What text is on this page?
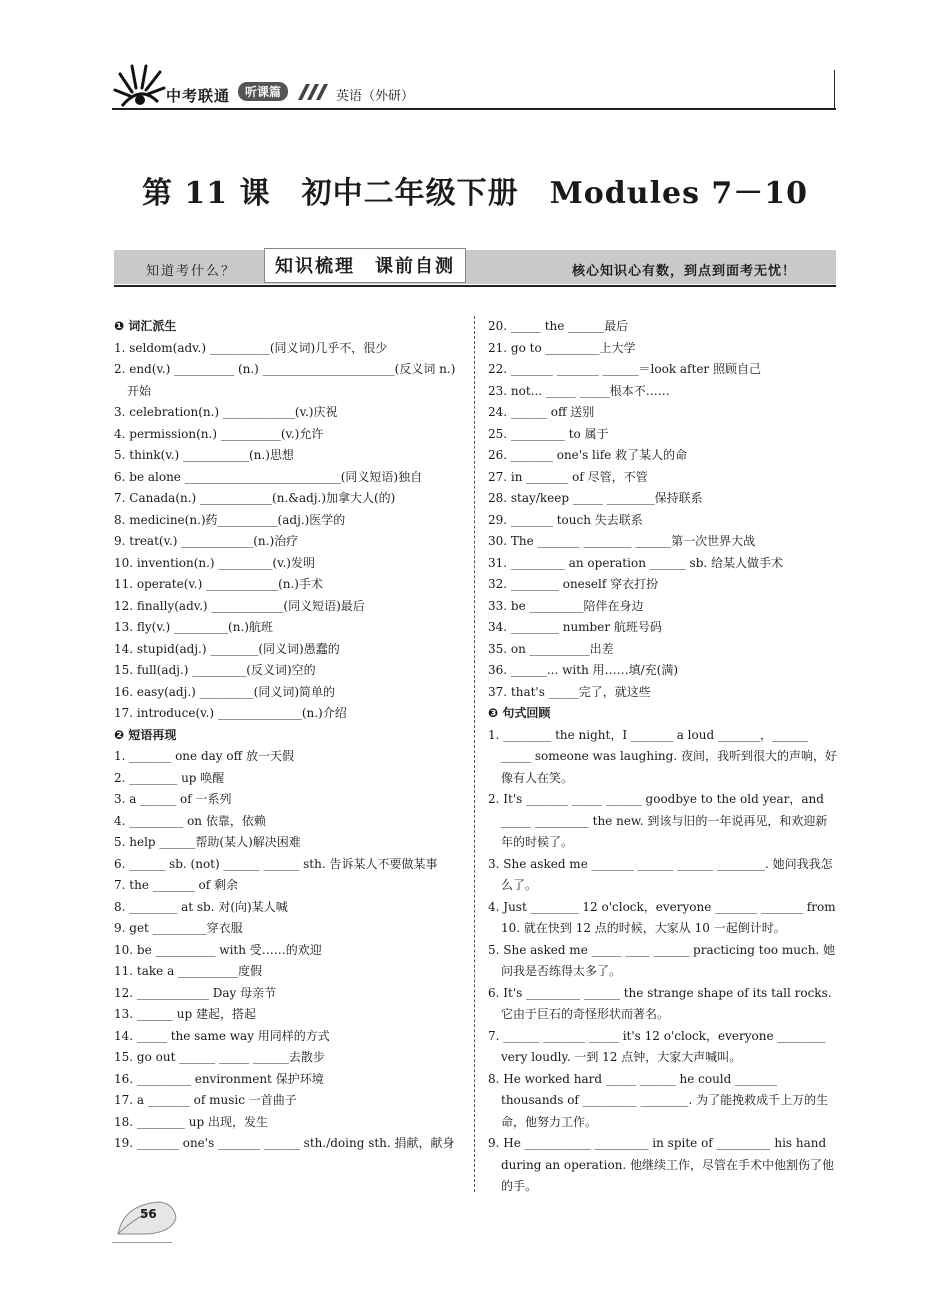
中考联通	听课篇	英语（外研）
第 11 课　初中二年级下册　Modules 7－10
知道考什么？	知识梳理　课前自测	核心知识心有数，到点到面考无忧！
❶ 词汇派生
1. seldom(adv.) __________(同义词)几乎不，很少
2. end(v.) __________ (n.) ______________________(反义词 n.)开始
3. celebration(n.) ____________(v.)庆祝
4. permission(n.) __________(v.)允许
5. think(v.) ___________(n.)思想
6. be alone __________________________(同义短语)独自
7. Canada(n.) ____________(n.&adj.)加拿大人(的)
8. medicine(n.)药__________(adj.)医学的
9. treat(v.) ____________(n.)治疗
10. invention(n.) _________(v.)发明
11. operate(v.) ____________(n.)手术
12. finally(adv.) ____________(同义短语)最后
13. fly(v.) _________(n.)航班
14. stupid(adj.) ________(同义词)愚蠢的
15. full(adj.) _________(反义词)空的
16. easy(adj.) _________(同义词)简单的
17. introduce(v.) ______________(n.)介绍
❷ 短语再现
1. _______ one day off 放一天假
2. ________ up 唤醒
3. a ______ of 一系列
4. _________ on 依靠，依赖
5. help ______帮助(某人)解决困难
6. ______ sb. (not) ______ ______ sth. 告诉某人不要做某事
7. the _______ of 剩余
8. ________ at sb. 对(向)某人喊
9. get _________穿衣服
10. be __________ with 受……的欢迎
11. take a __________度假
12. ____________ Day 母亲节
13. ______ up 建起，搭起
14. _____ the same way 用同样的方式
15. go out ______ _____ ______去散步
16. _________ environment 保护环境
17. a _______ of music 一首曲子
18. ________ up 出现，发生
19. _______ one's _______ ______ sth./doing sth. 捐献，献身
20. _____ the ______最后
21. go to _________上大学
22. _______ _______ ______＝look after 照顾自己
23. not... _____ _____根本不……
24. ______ off 送别
25. _________ to 属于
26. _______ one's life 救了某人的命
27. in _______ of 尽管，不管
28. stay/keep _____ ________保持联系
29. _______ touch 失去联系
30. The _______ ________ ______第一次世界大战
31. _________ an operation ______ sb. 给某人做手术
32. ________ oneself 穿衣打扮
33. be _________陪伴在身边
34. ________ number 航班号码
35. on __________出差
36. ______... with 用……填/充(满)
37. that's _____完了，就这些
❸ 句式回顾
1. ________ the night，I _______ a loud _______，______ _____ someone was laughing. 夜间，我听到很大的声响，好像有人在笑。
2. It's _______ _____ ______ goodbye to the old year，and _____ _________ the new. 到该与旧的一年说再见，和欢迎新年的时候了。
3. She asked me _______ ______ ______ ________. 她问我我怎么了。
4. Just ________ 12 o'clock，everyone _______ _______ from 10. 就在快到 12 点的时候，大家从 10 一起倒计时。
5. She asked me _____ ____ ______ practicing too much. 她问我是否练得太多了。
6. It's _________ ______ the strange shape of its tall rocks. 它由于巨石的奇怪形状而著名。
7. ______ _______ _____ it's 12 o'clock，everyone ________ very loudly. 一到 12 点钟，大家大声喊叫。
8. He worked hard _____ ______ he could _______ thousands of _________ ________. 为了能挽救成千上万的生命，他努力工作。
9. He ___________ _________ in spite of _________ his hand during an operation. 他继续工作，尽管在手术中他割伤了他的手。
56
